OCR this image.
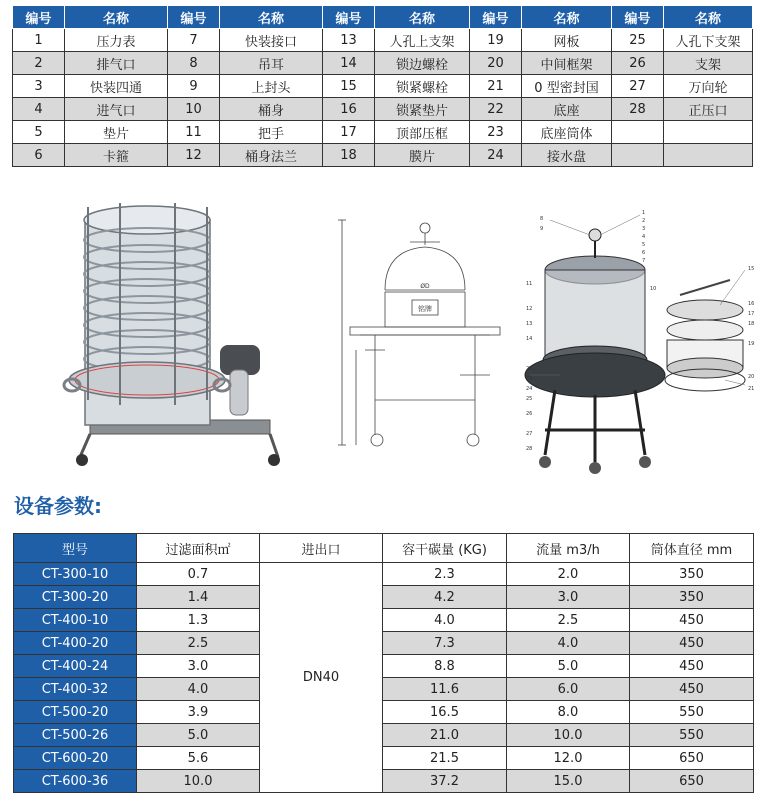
编号	名称	编号	名称	编号	名称	编号	名称	编号	名称
1	压力表	7	快装接口	13	人孔上支架	19	网板	25	人孔下支架
2	排气口	8	吊耳	14	锁边螺栓	20	中间框架	26	支架
3	快装四通	9	上封头	15	锁紧螺栓	21	0 型密封国	27	万向轮
4	进气口	10	桶身	16	锁紧垫片	22	底座	28	正压口
5	垫片	11	把手	17	顶部压框	23	底座筒体		
6	卡箍	12	桶身法兰	18	膜片	24	接水盘		
ØD
铭牌
1
2
3
4
5
6
7
8
9
10
11
12
13
14
15
16
17
18
19
20
21
22
23
24
25
26
27
28
设备参数:
型号	过滤面积㎡	进出口	容干碳量 (KG)	流量 m3/h	筒体直径 mm
CT-300-10	0.7	DN40	2.3	2.0	350
CT-300-20	1.4		4.2	3.0	350
CT-400-10	1.3		4.0	2.5	450
CT-400-20	2.5		7.3	4.0	450
CT-400-24	3.0		8.8	5.0	450
CT-400-32	4.0		11.6	6.0	450
CT-500-20	3.9		16.5	8.0	550
CT-500-26	5.0		21.0	10.0	550
CT-600-20	5.6		21.5	12.0	650
CT-600-36	10.0		37.2	15.0	650
